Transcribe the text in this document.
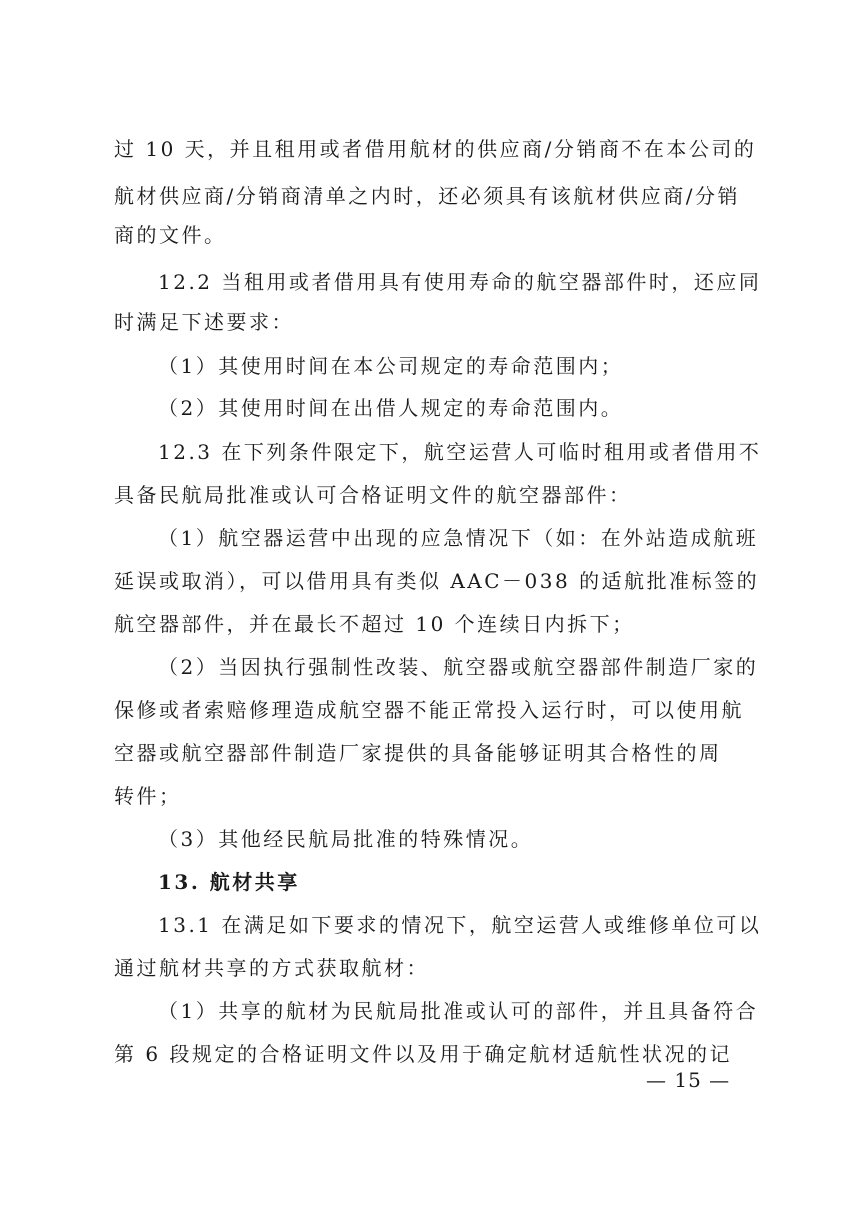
过 10 天，并且租用或者借用航材的供应商/分销商不在本公司的
航材供应商/分销商清单之内时，还必须具有该航材供应商/分销
商的文件。
12.2 当租用或者借用具有使用寿命的航空器部件时，还应同
时满足下述要求：
（1）其使用时间在本公司规定的寿命范围内；
（2）其使用时间在出借人规定的寿命范围内。
12.3 在下列条件限定下，航空运营人可临时租用或者借用不
具备民航局批准或认可合格证明文件的航空器部件：
（1）航空器运营中出现的应急情况下（如：在外站造成航班
延误或取消），可以借用具有类似 AAC－038 的适航批准标签的
航空器部件，并在最长不超过 10 个连续日内拆下；
（2）当因执行强制性改装、航空器或航空器部件制造厂家的
保修或者索赔修理造成航空器不能正常投入运行时，可以使用航
空器或航空器部件制造厂家提供的具备能够证明其合格性的周
转件；
（3）其他经民航局批准的特殊情况。
13. 航材共享
13.1 在满足如下要求的情况下，航空运营人或维修单位可以
通过航材共享的方式获取航材：
（1）共享的航材为民航局批准或认可的部件，并且具备符合
第 6 段规定的合格证明文件以及用于确定航材适航性状况的记
— 15 —
